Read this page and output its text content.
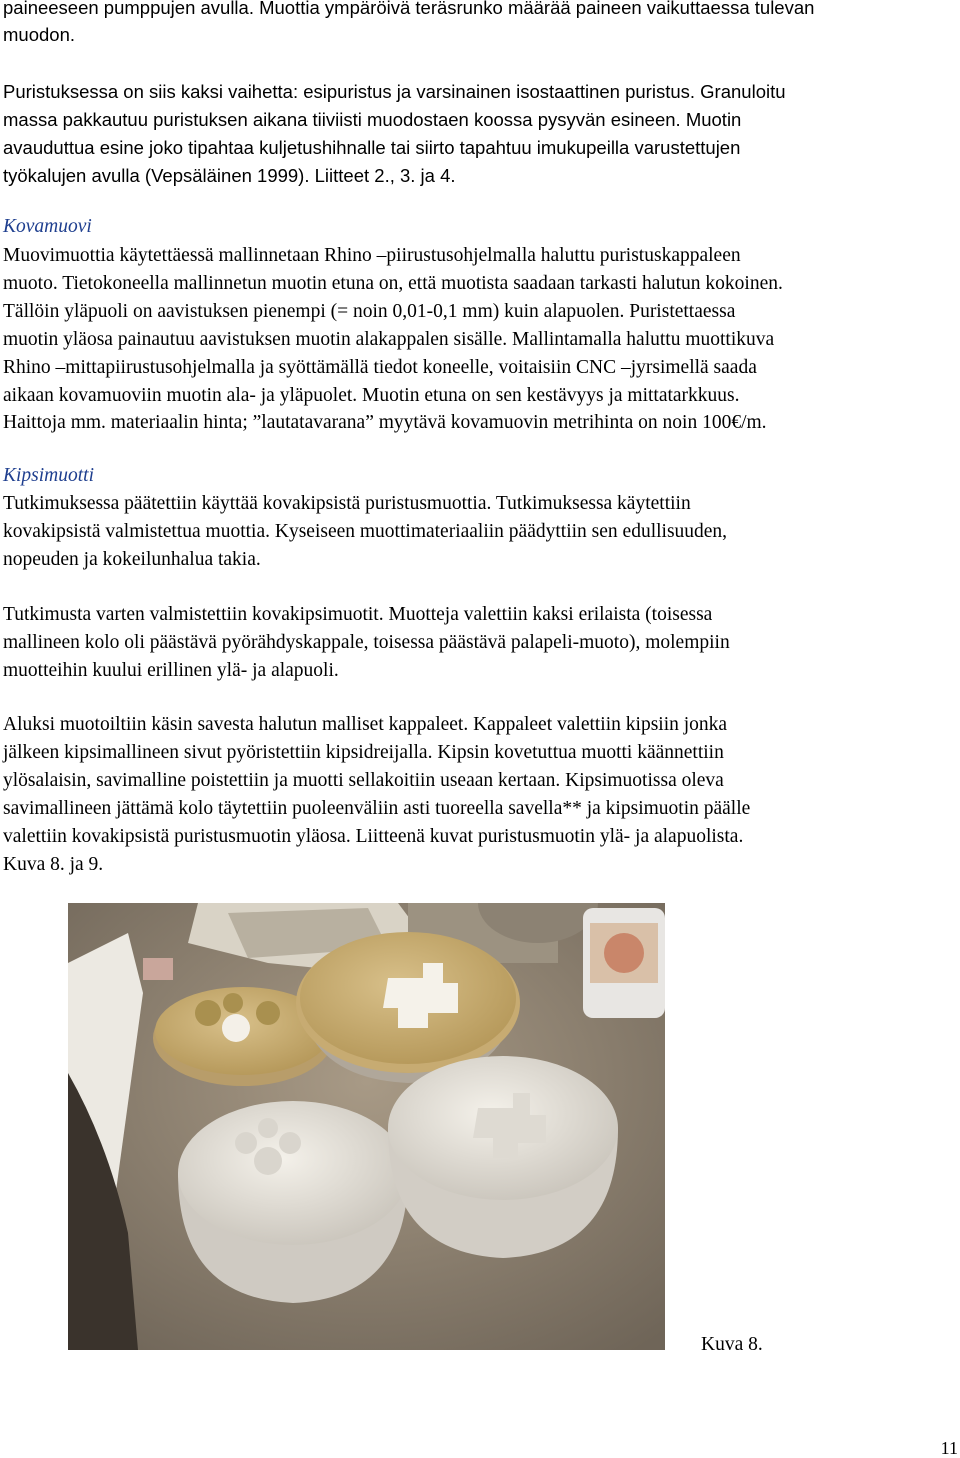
paineeseen pumppujen avulla. Muottia ympäröivä teräsrunko määrää paineen vaikuttaessa tulevan
muodon.
Puristuksessa on siis kaksi vaihetta: esipuristus ja varsinainen isostaattinen puristus. Granuloitu
massa pakkautuu puristuksen aikana tiiviisti muodostaen koossa pysyvän esineen. Muotin
avauduttua esine joko tipahtaa kuljetushihnalle tai siirto tapahtuu imukupeilla varustettujen
työkalujen avulla (Vepsäläinen 1999). Liitteet 2., 3. ja 4.
Kovamuovi
Muovimuottia käytettäessä mallinnetaan Rhino –piirustusohjelmalla haluttu puristuskappaleen
muoto. Tietokoneella mallinnetun muotin etuna on, että muotista saadaan tarkasti halutun kokoinen.
Tällöin yläpuoli on aavistuksen pienempi (= noin 0,01-0,1 mm) kuin alapuolen. Puristettaessa
muotin yläosa painautuu aavistuksen muotin alakappalen sisälle. Mallintamalla haluttu muottikuva
Rhino –mittapiirustusohjelmalla ja syöttämällä tiedot koneelle, voitaisiin CNC –jyrsimellä saada
aikaan kovamuoviin muotin ala- ja yläpuolet. Muotin etuna on sen kestävyys ja mittatarkkuus.
Haittoja mm. materiaalin hinta; ”lautatavarana” myytävä kovamuovin metrihinta on noin 100€/m.
Kipsimuotti
Tutkimuksessa päätettiin käyttää kovakipsistä puristusmuottia. Tutkimuksessa käytettiin
kovakipsistä valmistettua muottia. Kyseiseen muottimateriaaliin päädyttiin sen edullisuuden,
nopeuden ja kokeilunhalua takia.
Tutkimusta varten valmistettiin kovakipsimuotit. Muotteja valettiin kaksi erilaista (toisessa
mallineen kolo oli päästävä pyörähdyskappale, toisessa päästävä palapeli-muoto), molempiin
muotteihin kuului erillinen ylä- ja alapuoli.
Aluksi muotoiltiin käsin savesta halutun malliset kappaleet. Kappaleet valettiin kipsiin jonka
jälkeen kipsimallineen sivut pyöristettiin kipsidreijalla. Kipsin kovetuttua muotti käännettiin
ylösalaisin, savimalline poistettiin ja muotti sellakoitiin useaan kertaan. Kipsimuotissa oleva
savimallineen jättämä kolo täytettiin puoleenväliin asti tuoreella savella** ja kipsimuotin päälle
valettiin kovakipsistä puristusmuotin yläosa. Liitteenä kuvat puristusmuotin ylä- ja alapuolista.
Kuva 8. ja 9.
Kuva 8.
11
